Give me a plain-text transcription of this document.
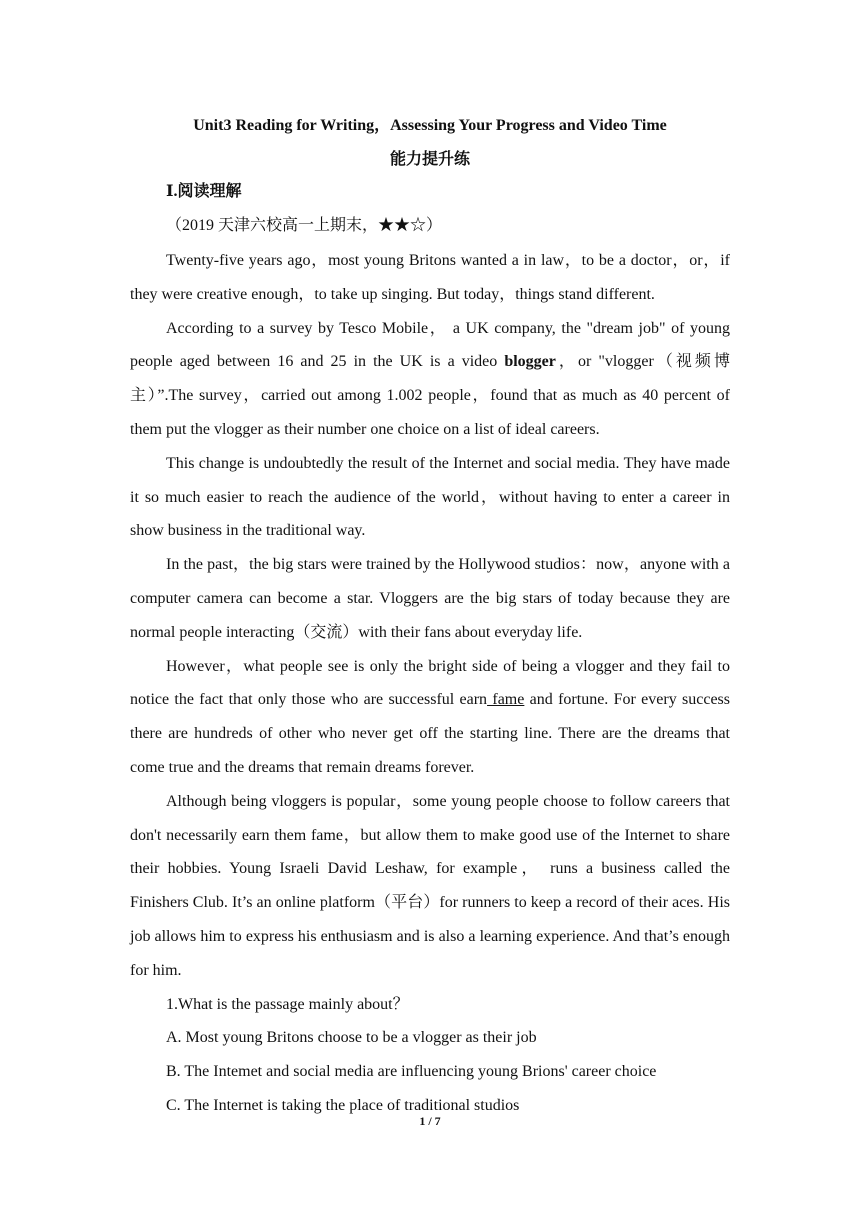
Unit3 Reading for Writing，Assessing Your Progress and Video Time
能力提升练
Ⅰ.阅读理解
（2019 天津六校高一上期末，★★☆）

Twenty-five years ago，most young Britons wanted a in law，to be a doctor，or，if they were creative enough，to take up singing. But today，things stand different.

According to a survey by Tesco Mobile， a UK company, the "dream job" of young people aged between 16 and 25 in the UK is a video blogger，or "vlogger（视频博主）”.The survey，carried out among 1.002 people，found that as much as 40 percent of them put the vlogger as their number one choice on a list of ideal careers.

This change is undoubtedly the result of the Internet and social media. They have made it so much easier to reach the audience of the world，without having to enter a career in show business in the traditional way.

In the past，the big stars were trained by the Hollywood studios：now，anyone with a computer camera can become a star. Vloggers are the big stars of today because they are normal people interacting（交流）with their fans about everyday life.

However，what people see is only the bright side of being a vlogger and they fail to notice the fact that only those who are successful earn fame and fortune. For every success there are hundreds of other who never get off the starting line. There are the dreams that come true and the dreams that remain dreams forever.

Although being vloggers is popular，some young people choose to follow careers that don't necessarily earn them fame，but allow them to make good use of the Internet to share their hobbies. Young Israeli David Leshaw, for example， runs a business called the Finishers Club. It’s an online platform（平台）for runners to keep a record of their aces. His job allows him to express his enthusiasm and is also a learning experience. And that’s enough for him.

1.What is the passage mainly about？

A. Most young Britons choose to be a vlogger as their job

B. The Intemet and social media are influencing young Brions' career choice

C. The Internet is taking the place of traditional studios

1 / 7
